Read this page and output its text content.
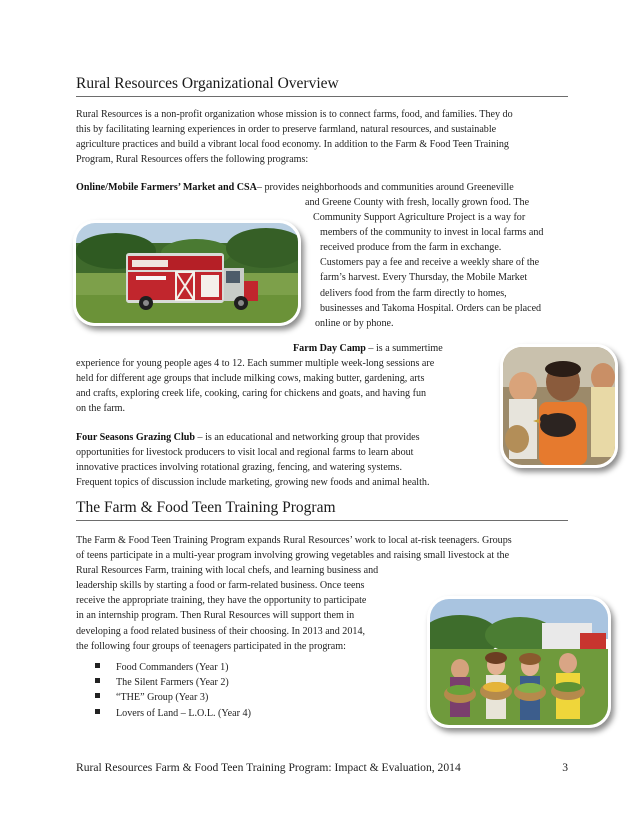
Rural Resources Organizational Overview
Rural Resources is a non-profit organization whose mission is to connect farms, food, and families. They do
this by facilitating learning experiences in order to preserve farmland, natural resources, and sustainable
agriculture practices and build a vibrant local food economy. In addition to the Farm & Food Teen Training
Program, Rural Resources offers the following programs:
Online/Mobile Farmers’ Market and CSA– provides neighborhoods and communities around Greeneville
and Greene County with fresh, locally grown food. The
Community Support Agriculture Project is a way for
members of the community to invest in local farms and
received produce from the farm in exchange.
Customers pay a fee and receive a weekly share of the
farm’s harvest. Every Thursday, the Mobile Market
delivers food from the farm directly to homes,
businesses and Takoma Hospital. Orders can be placed
online or by phone.
Farm Day Camp – is a summertime
experience for young people ages 4 to 12. Each summer multiple week-long sessions are
held for different age groups that include milking cows, making butter, gardening, arts
and crafts, exploring creek life, cooking, caring for chickens and goats, and having fun
on the farm.
Four Seasons Grazing Club – is an educational and networking group that provides
opportunities for livestock producers to visit local and regional farms to learn about
innovative practices involving rotational grazing, fencing, and watering systems.
Frequent topics of discussion include marketing, growing new foods and animal health.
The Farm & Food Teen Training Program
The Farm & Food Teen Training Program expands Rural Resources’ work to local at-risk teenagers. Groups
of teens participate in a multi-year program involving growing vegetables and raising small livestock at the
Rural Resources Farm, training with local chefs, and learning business and
leadership skills by starting a food or farm-related business. Once teens
receive the appropriate training, they have the opportunity to participate
in an internship program. Then Rural Resources will support them in
developing a food related business of their choosing. In 2013 and 2014,
the following four groups of teenagers participated in the program:
Food Commanders (Year 1)
The Silent Farmers (Year 2)
“THE” Group (Year 3)
Lovers of Land – L.O.L. (Year 4)
Rural Resources Farm & Food Teen Training Program: Impact & Evaluation, 2014	3
